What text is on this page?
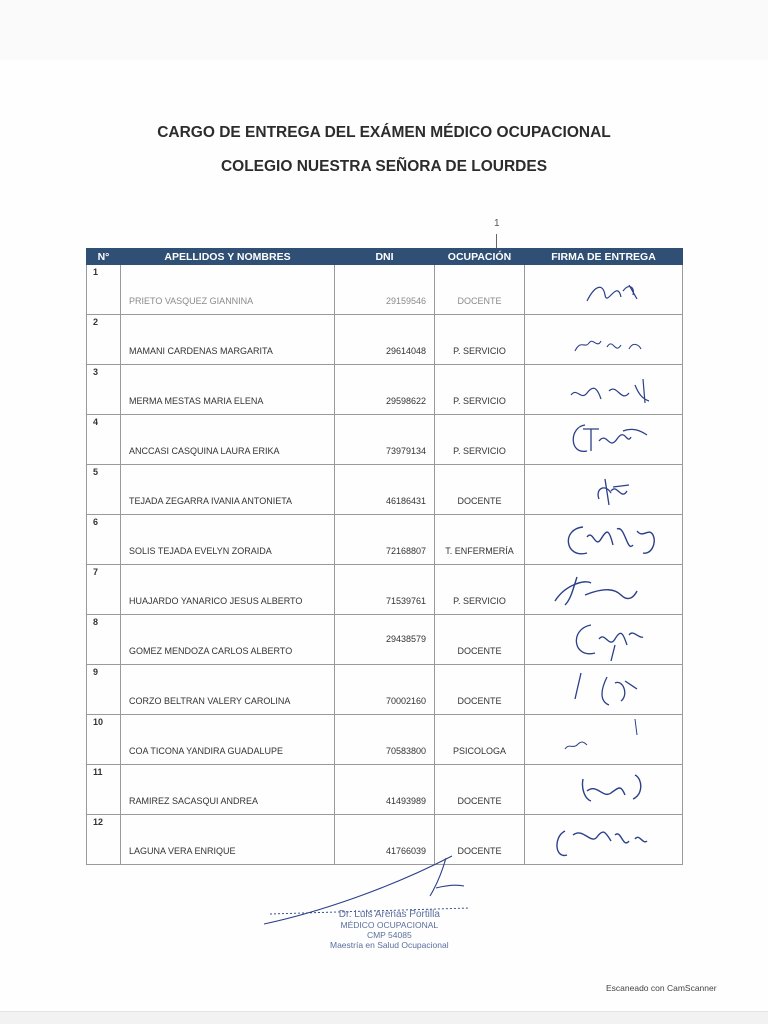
CARGO DE ENTREGA DEL EXÁMEN MÉDICO OCUPACIONAL
COLEGIO NUESTRA SEÑORA DE LOURDES
1
N°	APELLIDOS Y NOMBRES	DNI	OCUPACIÓN	FIRMA DE ENTREGA
1	PRIETO VASQUEZ GIANNINA	29159546	DOCENTE

2	MAMANI CARDENAS MARGARITA	29614048	P. SERVICIO

3	MERMA MESTAS MARIA ELENA	29598622	P. SERVICIO

4	ANCCASI CASQUINA LAURA ERIKA	73979134	P. SERVICIO

5	TEJADA ZEGARRA IVANIA ANTONIETA	46186431	DOCENTE

6	SOLIS TEJADA EVELYN ZORAIDA	72168807	T. ENFERMERÍA

7	HUAJARDO YANARICO JESUS ALBERTO	71539761	P. SERVICIO

8	GOMEZ MENDOZA CARLOS ALBERTO	29438579	DOCENTE

9	CORZO BELTRAN VALERY CAROLINA	70002160	DOCENTE

10	COA TICONA YANDIRA GUADALUPE	70583800	PSICOLOGA

11	RAMIREZ SACASQUI ANDREA	41493989	DOCENTE

12	LAGUNA VERA ENRIQUE	41766039	DOCENTE

Dr. Luis Arenas Portilla
MÉDICO OCUPACIONAL
CMP 54085
Maestría en Salud Ocupacional
Escaneado con CamScanner
